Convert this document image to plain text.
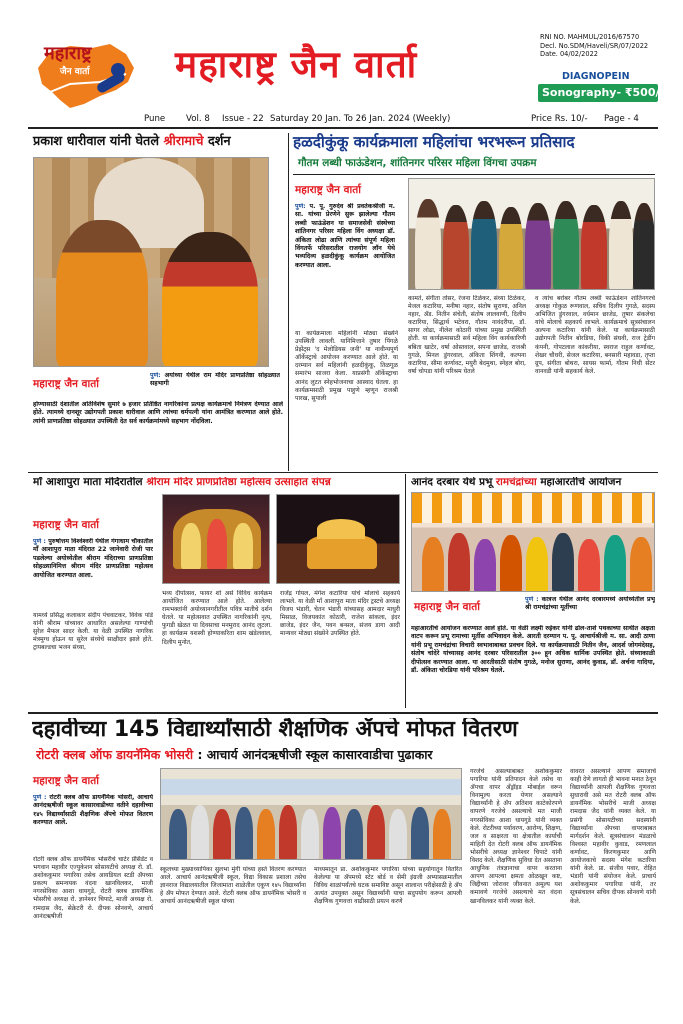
महाराष्ट्र
जैन वार्ता महाराष्ट्र जैन वार्ता
RNI NO. MAHMUL/2016/67570
Decl. No.SDM/Haveli/SR/07/2022
Date. 04/02/2022
DIAGNOPEIN
Sonography- ₹500/-
Pune Vol. 8 Issue - 22 Saturday 20 Jan. To 26 Jan. 2024 (Weekly)	Price Rs. 10/- Page - 4
प्रकाश धारीवाल यांनी घेतले श्रीरामाचे दर्शन
महाराष्ट्र जैन वार्ता
पुणे: अयोध्या येथील राम मंदिर प्राणप्रतिष्ठा सोहळ्यात सहभागी
होण्यासाठी देशातील अतिविशेष सुमारे ७ हजार प्रतिष्ठित नागरिकांना प्रत्यक्ष कार्यक्रमाचे निमंत्रण देण्यात आले होते. त्यामध्ये दानशूर उद्योगपती प्रकाश धारीवाल आणि त्यांच्या धर्मपत्नी यांना आमंत्रित करण्यात आले होते. त्यांनी प्राणप्रतिष्ठा सोहळ्यात उपस्थिती देत सर्व कार्यक्रमांमध्ये सहभाग नोंदविला.
हळदीकुंकू कार्यक्रमाला महिलांचा भरभरून प्रतिसाद
गौतम लब्धी फाऊंडेशन, शांतिनगर परिसर महिला विंगचा उपक्रम
महाराष्ट्र जैन वार्ता
पुणे: प. पू. गुरुदेव श्री प्रवर्तकश्रीजी म. सा. यांच्या प्रेरणेने सुरू झालेल्या गौतम लब्धी फाऊंडेशन या समाजसेवी संस्थेच्या शांतिनगर परिसर महिला विंग अध्यक्षा डॉ. अंकिता लोढा आणि त्यांच्या संपूर्ण महिला विंगतर्फे परिसरातील राजयोग लॉन येथे भव्यदिव्य हळदीकुंकू कार्यक्रम आयोजित करण्यात आला.
या कार्यक्रमाला महिलांनी मोठ्या संख्येने उपस्थिती लावली. यानिमित्ताने तुषार पिंगळे प्रेझेंट्स 'द मेलोडियस जनी' या नावीन्यपूर्ण ऑर्केस्ट्राचे आयोजन करण्यात आले होते. या दरम्यान सर्व महिलांनी हळदीकुंकू, तिळगूळ समारंभ साजरा केला. याप्रसंगी ऑर्केस्ट्राचा आनंद लुटत स्नेहभोजनाचा आस्वाद घेतला. हा कार्यक्रमसाठी प्रमुख पाहुणे म्हणून राजश्री पारख, सुपाली
कामते, संगीता तोसर, रंजना टिळेकर, संध्या टिळेकर, मेजल कटारिया, मनीषा नहार, संतोष सुराणा, अनिल नहार, ॲड. नितीन संचेती, संतोष लालवाणी, दिलीप कटारिया, सिद्धार्थ भटेवरा, गौतम नावंदरीया, डॉ. सागर लोढा, नीलेश कोठारी यांच्या प्रमुख उपस्थिती होती. या कार्यक्रमासाठी सर्व महिला विंग कार्यकारिणी बबिता खाटेर, वर्षा ओस्तवाल, सपना छाजेड, राजश्री गुगळे, मिनल डुंगरवाल, अंकिता शिंगवी, कल्पना कटारिया, सीमा कर्णावट, मयुरी बेदमुथा, स्नेहल बोरा, वर्षा चोपडा यांनी परिश्रम घेतले
व त्यांच बरोबर गौतम लब्धी फाऊंडेशन शांतिनगरचे अध्यक्ष गोकुळ रूणवाल, सचिव दिलीप गुगळे, सदस्य अभिजित डुंगरवाल, वर्धमान छाजेड, तुषार संकलेचा यांचे मोलाचे सहकार्य लाभले. कार्यक्रमाचे सूत्रसंचालन अल्पना कटारिया यांनी केले. या कार्यक्रमासाठी उद्योगपती नितीन बोरडिया, विकी संघवी, राज ट्रेडींग कंपनी, गोपटलाल कांकरीया, स्वराज राहुल कर्णावट, शेखर चौधरी, सेजल कटारिया, बनसारी महावडा, तृप्ता ग्रुप, संगीता बोथरा, सायस फार्मा, गौतम निधी सेंटर वानवडी यांनी सहकार्य केले.
माँ आशापुरा माता मंदिरातील श्रीराम मंदिर प्राणप्रतिष्ठा महोत्सव उत्साहात संपन्न
महाराष्ट्र जैन वार्ता
पुणे : पुरुषोत्तम विश्वेश्वरी येथील गंगाधाम चौकातील माँ आशापुरा माता मंदिरात 22 जानेवारी रोजी पार पडलेल्या अयोध्येतील श्रीराम मंदिराच्या प्राणप्रतिष्ठा सोहळ्यानिमित्त श्रीराम मंदिर प्राणप्रतिष्ठा महोत्सव आयोजित करण्यात आला.
यामध्ये प्रसिद्ध कलाकार संदीप पंचवाटकर, विवेक पांडे यांनी श्रीराम यांच्यावर आधारित असलेल्या गाण्यांची सुरेल मैफल सादर केली. या वेळी उपस्थित नागरिक मंत्रमुग्ध होऊन या सुरेल संध्येचे साक्षीदार झाले होते. ट्रायबल्डचा भजन संध्या,
भव्य दीपोत्सव, फायर शो असे विविध कार्यक्रम आयोजित करण्यात आले होते. आलेल्या रामभक्तांनी अयोध्यानगरीतील पवित्र मातीचे दर्शन घेतले. या महोत्सवात उपस्थित नागरिकांनी नृत्य, फुगडी खेळत या दिवसाचा मनमुराद आनंद लुटला. हा कार्यक्रम यशस्वी होण्याकरिता शाम खंडेलवाल, दिलीप मुनोत,
राजेंद्र गोयल, मंगेश कटारिया यांचे मोलाचे सहकार्य लाभले. या वेळी माँ आशापुरा माता मंदिर ट्रस्टचे अध्यक्ष विजय भंडारी, चेतन भंडारी यांच्यासह आमदार माधुरी मिसाळ, विजयकांत कोठारी, राजेश सांकला, इंदर छाजेड, इंदर जैन, पवन बन्सल, संजय डागा आदी मान्यवर मोठ्या संख्येने उपस्थित होते.
आनंद दरबार येथे प्रभू रामचंद्रांच्या महाआरतीचे आयोजन
महाराष्ट्र जैन वार्ता
पुणे : कात्रज येथील आनंद दरबारमध्ये अयोध्येतील प्रभू श्री रामचंद्रांच्या मूर्तीच्या
महाआरतीचे आयोजन करण्यात आले होते. या वेळी लक्ष्मी रुईकर यांनी ढोल-ताशे पथकाच्या साथीत अक्षता वाटप करून प्रभू रामाच्या मूर्तीस अभिवादन केले. आरती दरम्यान प. पू. आचार्यश्रीजी म. सा. आदी ठाणा यांनी प्रभू रामचंद्रांचा विचारी स्वभावाबाबत प्रवचन दिले. या कार्यक्रमासाठी नितीन जैन, आदर्श जोगमंदेसह, संतोष चांदेरे यांच्यासह आनंद दरबार परिसरातील ३०० हून अधिक धार्मिक उपस्थित होते. संध्याकाळी दीपोत्सव करण्यात आला. या आरतीसाठी संतोष गुगळे, मनोज सुराणा, आनंद कुवाड, डॉ. अर्चना गादिया, डॉ. अंकिता चोरडिया यांनी परिश्रम घेतले.
दहावीच्या 145 विद्यार्थ्यांसाठी शैक्षणिक ॲपचे मोफत वितरण
रोटरी क्लब ऑफ डायनॅमिक भोसरी : आचार्य आनंदऋषीजी स्कूल कासारवाडीचा पुढाकार
महाराष्ट्र जैन वार्ता
पुणे : रोटरी क्लब ऑफ डायनॅमिक भोसरी, आचार्य आनंदऋषीजी स्कूल कासारवाडीच्या वतीने दहावीच्या १४५ विद्यार्थ्यांसाठी शैक्षणिक ॲपचे मोफत वितरण करण्यात आले.
रोटरी क्लब ऑफ डायनॅमिक भोसरीचे चार्टर प्रेसिडेंट व भगवान महावीर एज्युकेशन सोसायटीचे अध्यक्ष रो. डॉ. अशोककुमार पगारिया तसेच आयडियल स्टडी ॲपच्या प्रकल्प समन्वयक वंदना खानविलकर, माजी नगरसेविका आशा धायगुडे, रोटरी क्लब डायनॅमिक भोसरीचे अध्यक्ष रो. ज्ञानेश्वर चिपाटे, माजी अध्यक्ष रो. रामदास जैद, सेक्रेटरी रो. दीपक सोनवणे, आचार्य आनंदऋषीजी
स्कूलच्या मुख्याध्यापिका सुलभा मुंगी यांच्या हस्ते वितरण करण्यात आले. आचार्य आनंदऋषीजी स्कूल, विद्या विकास प्रशाला तसेच ज्ञानराज विद्यालयातील जिजामाता शाळेतील एकूण १४५ विद्यार्थ्यांना हे ॲप मोफत देण्यात आले. रोटरी क्लब ऑफ डायनॅमिक भोसरी व आचार्य आनंदऋषीजी स्कूल यांच्या
माध्यमातून प्रा. अशोककुमार पगारिया यांच्या सहयोगातून वितरित केलेल्या या ॲपमध्ये स्टेट बोर्ड व सेमी इंग्रजी अभ्यासक्रमातील विविध शाळांपर्यंतचे घटक समाविष्ट असून शालान्त परीक्षेसाठी हे ॲप अत्यंत उपयुक्त असून विद्यार्थ्यांनी याचा सदुपयोग करून आपली शैक्षणिक गुणवत्ता वाढीसाठी प्रयत्न करणे
गरजेचे असल्याबाबत अशोककुमार पगारिया यांनी प्रतिपादन केले तसेच या ॲपचा वापर अँड्रॉइड मोबाईल वरून विनामूल्य करता येणार असल्याने विद्यार्थ्यांनी हे ॲप अतिशय काटेकोरपणे वापरणे गरजेचे असल्याचे मत माजी नगरसेविका आशा धायगुडे यांनी व्यक्त केले. रोटरीच्या पर्यावरण, आरोग्य, शिक्षण, जल व साक्षरता या क्षेत्रातील कार्याची माहिती देत रोटरी क्लब ऑफ डायनॅमिक भोसरीचे अध्यक्ष ज्ञानेश्वर चिपाटे यांनी विशद केले. शैक्षणिक सुविधा देत असताना आधुनिक तंत्रज्ञानाचा वापर करताना आपण आपल्या क्षमता ओळखून कष्ट, जिद्दीच्या जोरावर जीवनात अमूल्य यश कमावणे गरजेचे असल्याचे मत वंदना खानविलकर यांनी व्यक्त केले.
वावरत असल्याने आपण समाजाचे काही देणे लागतो ही भावना मनात ठेवून विद्यार्थ्यांनी आपली शैक्षणिक गुणवत्ता सुधारावी असे मत रोटरी क्लब ऑफ डायनॅमिक भोसरीचे माजी अध्यक्ष रामदास जैद यांनी व्यक्त केले. या प्रसंगी सोसायटीच्या सदस्यांनी विद्यार्थ्यांना ॲपच्या वापराबाबत मार्गदर्शन केले. सूत्रसंचालन मंडळाचे विश्वस्त महावीर कुवाड, रमणलाल कर्णावट, किरणकुमार आणि आयोजकाचे सदस्य मंगेश कटारिया यांनी केले. प्रा. संजीव पवार, रोहित भंडारी यांनी संयोजन केले. प्राचार्य अशोककुमार पगारिया यांनी, तर सूत्रसंचालन सचिव दीपक सोनवणे यांनी केले.
